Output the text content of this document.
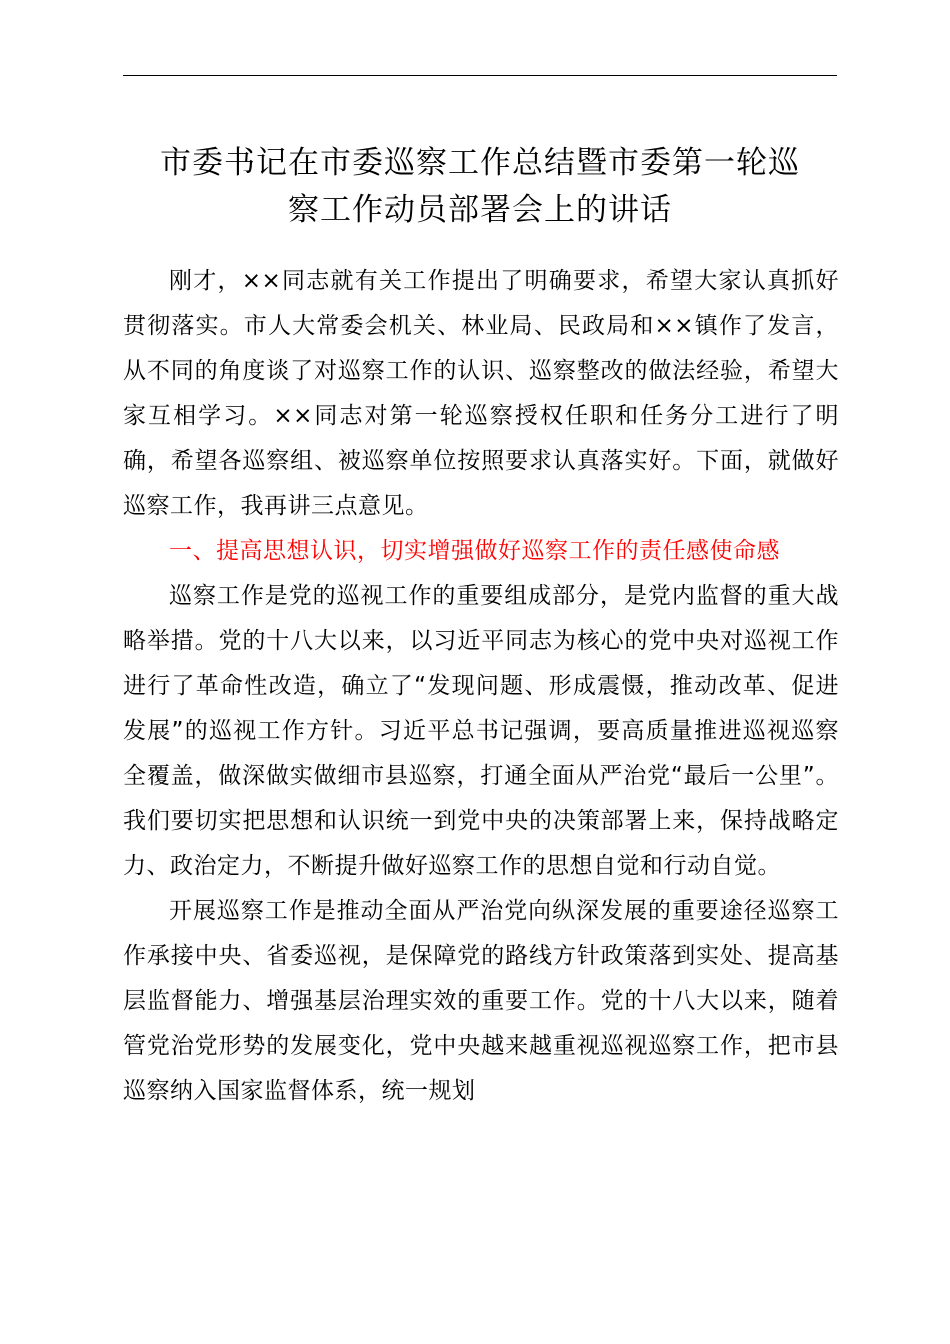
市委书记在市委巡察工作总结暨市委第一轮巡
察工作动员部署会上的讲话

刚才，××同志就有关工作提出了明确要求，希望大家认真抓好贯彻落实。市人大常委会机关、林业局、民政局和××镇作了发言，从不同的角度谈了对巡察工作的认识、巡察整改的做法经验，希望大家互相学习。××同志对第一轮巡察授权任职和任务分工进行了明确，希望各巡察组、被巡察单位按照要求认真落实好。下面，就做好巡察工作，我再讲三点意见。

一、提高思想认识，切实增强做好巡察工作的责任感使命感

巡察工作是党的巡视工作的重要组成部分，是党内监督的重大战略举措。党的十八大以来，以习近平同志为核心的党中央对巡视工作进行了革命性改造，确立了“发现问题、形成震慑，推动改革、促进发展”的巡视工作方针。习近平总书记强调，要高质量推进巡视巡察全覆盖，做深做实做细市县巡察，打通全面从严治党“最后一公里”。我们要切实把思想和认识统一到党中央的决策部署上来，保持战略定力、政治定力，不断提升做好巡察工作的思想自觉和行动自觉。

开展巡察工作是推动全面从严治党向纵深发展的重要途径巡察工作承接中央、省委巡视，是保障党的路线方针政策落到实处、提高基层监督能力、增强基层治理实效的重要工作。党的十八大以来，随着管党治党形势的发展变化，党中央越来越重视巡视巡察工作，把市县巡察纳入国家监督体系，统一规划
